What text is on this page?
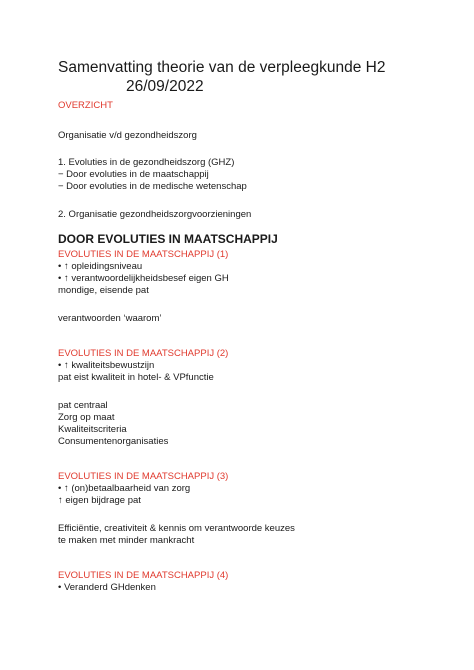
Samenvatting theorie van de verpleegkunde H2
26/09/2022
OVERZICHT
Organisatie v/d gezondheidszorg
1. Evoluties in de gezondheidszorg (GHZ)
− Door evoluties in de maatschappij
− Door evoluties in de medische wetenschap
2. Organisatie gezondheidszorgvoorzieningen
DOOR EVOLUTIES IN MAATSCHAPPIJ
EVOLUTIES IN DE MAATSCHAPPIJ (1)
• ↑ opleidingsniveau
• ↑ verantwoordelijkheidsbesef eigen GH
mondige, eisende pat
verantwoorden ‘waarom’
EVOLUTIES IN DE MAATSCHAPPIJ (2)
• ↑ kwaliteitsbewustzijn
pat eist kwaliteit in hotel- & VPfunctie
pat centraal
Zorg op maat
Kwaliteitscriteria
Consumentenorganisaties
EVOLUTIES IN DE MAATSCHAPPIJ (3)
• ↑ (on)betaalbaarheid van zorg
↑ eigen bijdrage pat
Efficiëntie, creativiteit & kennis om verantwoorde keuzes
te maken met minder mankracht
EVOLUTIES IN DE MAATSCHAPPIJ (4)
• Veranderd GHdenken
